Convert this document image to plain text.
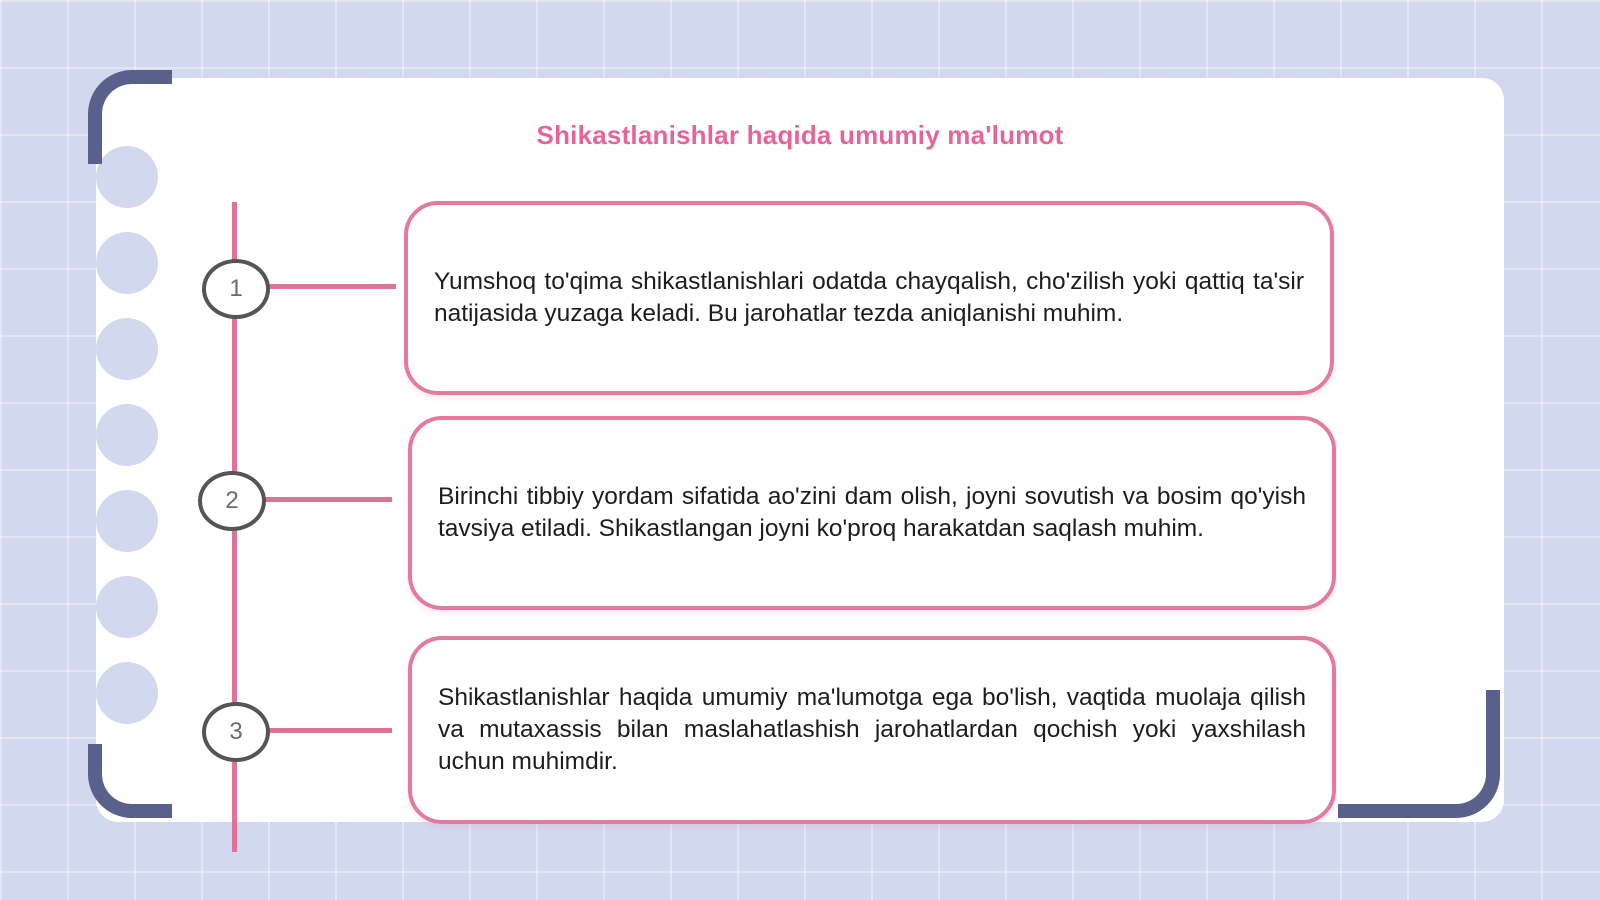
Shikastlanishlar haqida umumiy ma'lumot
1
2
3
Yumshoq to'qima shikastlanishlari odatda chayqalish, cho'zilish yoki qattiq ta'sir natijasida yuzaga keladi. Bu jarohatlar tezda aniqlanishi muhim.
Birinchi tibbiy yordam sifatida ao'zini dam olish, joyni sovutish va bosim qo'yish tavsiya etiladi. Shikastlangan joyni ko'proq harakatdan saqlash muhim.
Shikastlanishlar haqida umumiy ma'lumotga ega bo'lish, vaqtida muolaja qilish va mutaxassis bilan maslahatlashish jarohatlardan qochish yoki yaxshilash uchun muhimdir.
